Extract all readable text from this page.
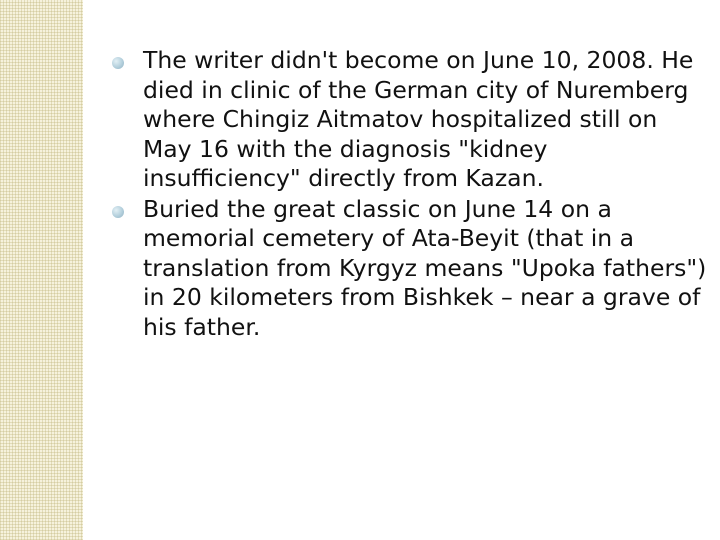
The writer didn't become on June 10, 2008. He died in clinic of the German city of Nuremberg where Chingiz Aitmatov hospitalized still on May 16 with the diagnosis "kidney insufficiency" directly from Kazan.
Buried the great classic on June 14 on a memorial cemetery of Ata-Beyit (that in a translation from Kyrgyz means "Upoka fathers") in 20 kilometers from Bishkek – near a grave of his father.
